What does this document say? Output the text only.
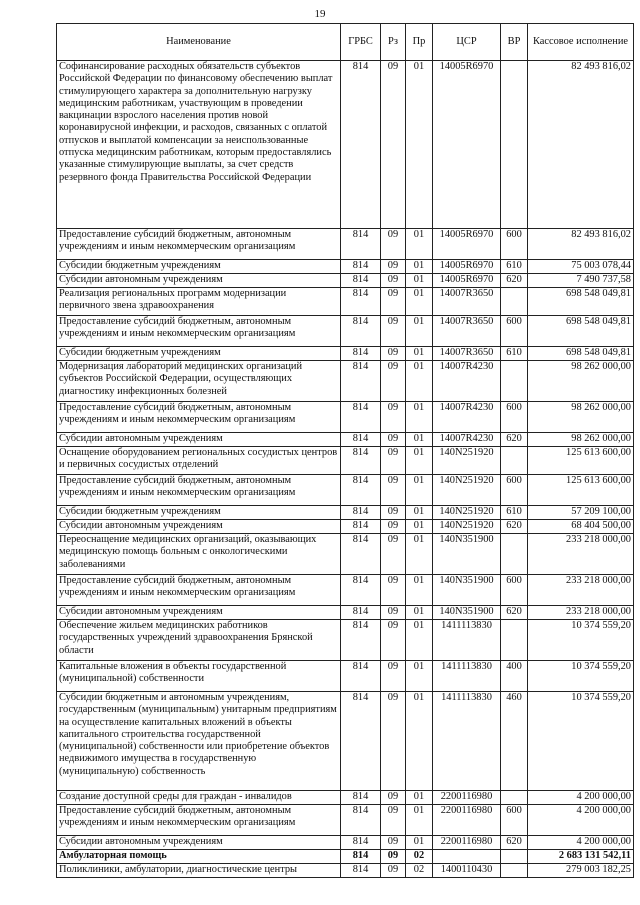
19
Наименование	ГРБС	Рз	Пр	ЦСР	ВР	Кассовое исполнение
Софинансирование расходных обязательств субъектов Российской Федерации по финансовому обеспечению выплат стимулирующего характера за дополнительную нагрузку медицинским работникам, участвующим в проведении вакцинации взрослого населения против новой коронавирусной инфекции, и расходов, связанных с оплатой отпусков и выплатой компенсации за неиспользованные отпуска медицинским работникам, которым предоставлялись указанные стимулирующие выплаты, за счет средств резервного фонда Правительства Российской Федерации	814	09	01	14005R6970		82 493 816,02
Предоставление субсидий бюджетным, автономным учреждениям и иным некоммерческим организациям	814	09	01	14005R6970	600	82 493 816,02
Субсидии бюджетным учреждениям	814	09	01	14005R6970	610	75 003 078,44
Субсидии автономным учреждениям	814	09	01	14005R6970	620	7 490 737,58
Реализация региональных программ модернизации первичного звена здравоохранения	814	09	01	14007R3650		698 548 049,81
Предоставление субсидий бюджетным, автономным учреждениям и иным некоммерческим организациям	814	09	01	14007R3650	600	698 548 049,81
Субсидии бюджетным учреждениям	814	09	01	14007R3650	610	698 548 049,81
Модернизация лабораторий медицинских организаций субъектов Российской Федерации, осуществляющих диагностику инфекционных болезней	814	09	01	14007R4230		98 262 000,00
Предоставление субсидий бюджетным, автономным учреждениям и иным некоммерческим организациям	814	09	01	14007R4230	600	98 262 000,00
Субсидии автономным учреждениям	814	09	01	14007R4230	620	98 262 000,00
Оснащение оборудованием региональных сосудистых центров и первичных сосудистых отделений	814	09	01	140N251920		125 613 600,00
Предоставление субсидий бюджетным, автономным учреждениям и иным некоммерческим организациям	814	09	01	140N251920	600	125 613 600,00
Субсидии бюджетным учреждениям	814	09	01	140N251920	610	57 209 100,00
Субсидии автономным учреждениям	814	09	01	140N251920	620	68 404 500,00
Переоснащение медицинских организаций, оказывающих медицинскую помощь больным с онкологическими заболеваниями	814	09	01	140N351900		233 218 000,00
Предоставление субсидий бюджетным, автономным учреждениям и иным некоммерческим организациям	814	09	01	140N351900	600	233 218 000,00
Субсидии автономным учреждениям	814	09	01	140N351900	620	233 218 000,00
Обеспечение жильем медицинских работников государственных учреждений здравоохранения Брянской области	814	09	01	1411113830		10 374 559,20
Капитальные вложения в объекты государственной (муниципальной) собственности	814	09	01	1411113830	400	10 374 559,20
Субсидии бюджетным и автономным учреждениям, государственным (муниципальным) унитарным предприятиям на осуществление капитальных вложений в объекты капитального строительства государственной (муниципальной) собственности или приобретение объектов недвижимого имущества в государственную (муниципальную) собственность	814	09	01	1411113830	460	10 374 559,20
Создание доступной среды для граждан - инвалидов	814	09	01	2200116980		4 200 000,00
Предоставление субсидий бюджетным, автономным учреждениям и иным некоммерческим организациям	814	09	01	2200116980	600	4 200 000,00
Субсидии автономным учреждениям	814	09	01	2200116980	620	4 200 000,00
Амбулаторная помощь	814	09	02			2 683 131 542,11
Поликлиники, амбулатории, диагностические центры	814	09	02	1400110430		279 003 182,25
